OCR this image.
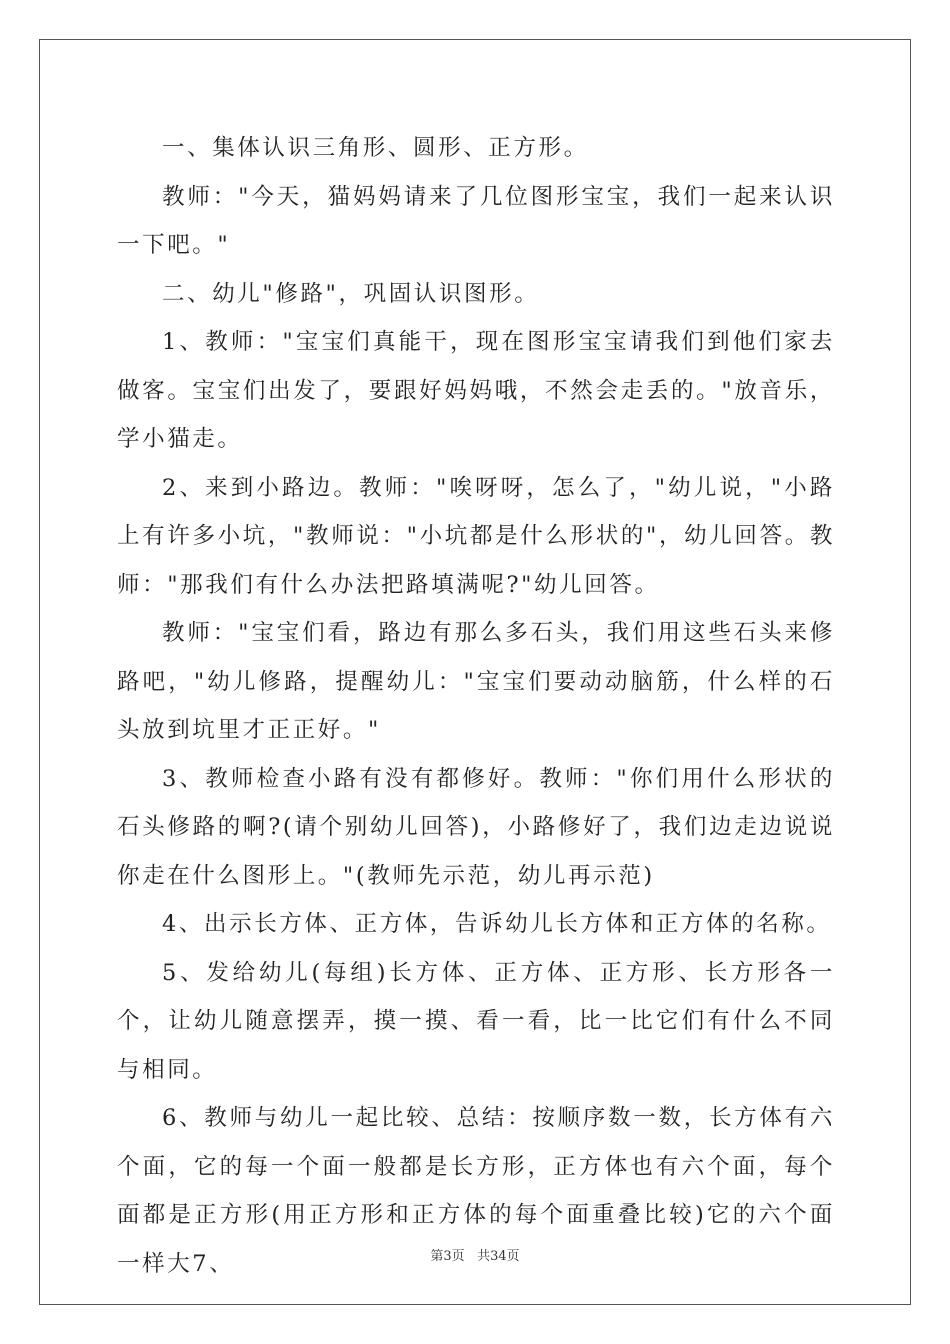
一、集体认识三角形、圆形、正方形。

教师："今天，猫妈妈请来了几位图形宝宝，我们一起来认识一下吧。"

二、幼儿"修路"，巩固认识图形。

1、教师："宝宝们真能干，现在图形宝宝请我们到他们家去做客。宝宝们出发了，要跟好妈妈哦，不然会走丢的。"放音乐，学小猫走。

2、来到小路边。教师："唉呀呀，怎么了，"幼儿说，"小路上有许多小坑，"教师说："小坑都是什么形状的"，幼儿回答。教师："那我们有什么办法把路填满呢?"幼儿回答。

教师："宝宝们看，路边有那么多石头，我们用这些石头来修路吧，"幼儿修路，提醒幼儿："宝宝们要动动脑筋，什么样的石头放到坑里才正正好。"

3、教师检查小路有没有都修好。教师："你们用什么形状的石头修路的啊?(请个别幼儿回答)，小路修好了，我们边走边说说你走在什么图形上。"(教师先示范，幼儿再示范)

4、出示长方体、正方体，告诉幼儿长方体和正方体的名称。

5、发给幼儿(每组)长方体、正方体、正方形、长方形各一个，让幼儿随意摆弄，摸一摸、看一看，比一比它们有什么不同与相同。

6、教师与幼儿一起比较、总结：按顺序数一数，长方体有六个面，它的每一个面一般都是长方形，正方体也有六个面，每个面都是正方形(用正方形和正方体的每个面重叠比较)它的六个面一样大7、	第3页 共34页
